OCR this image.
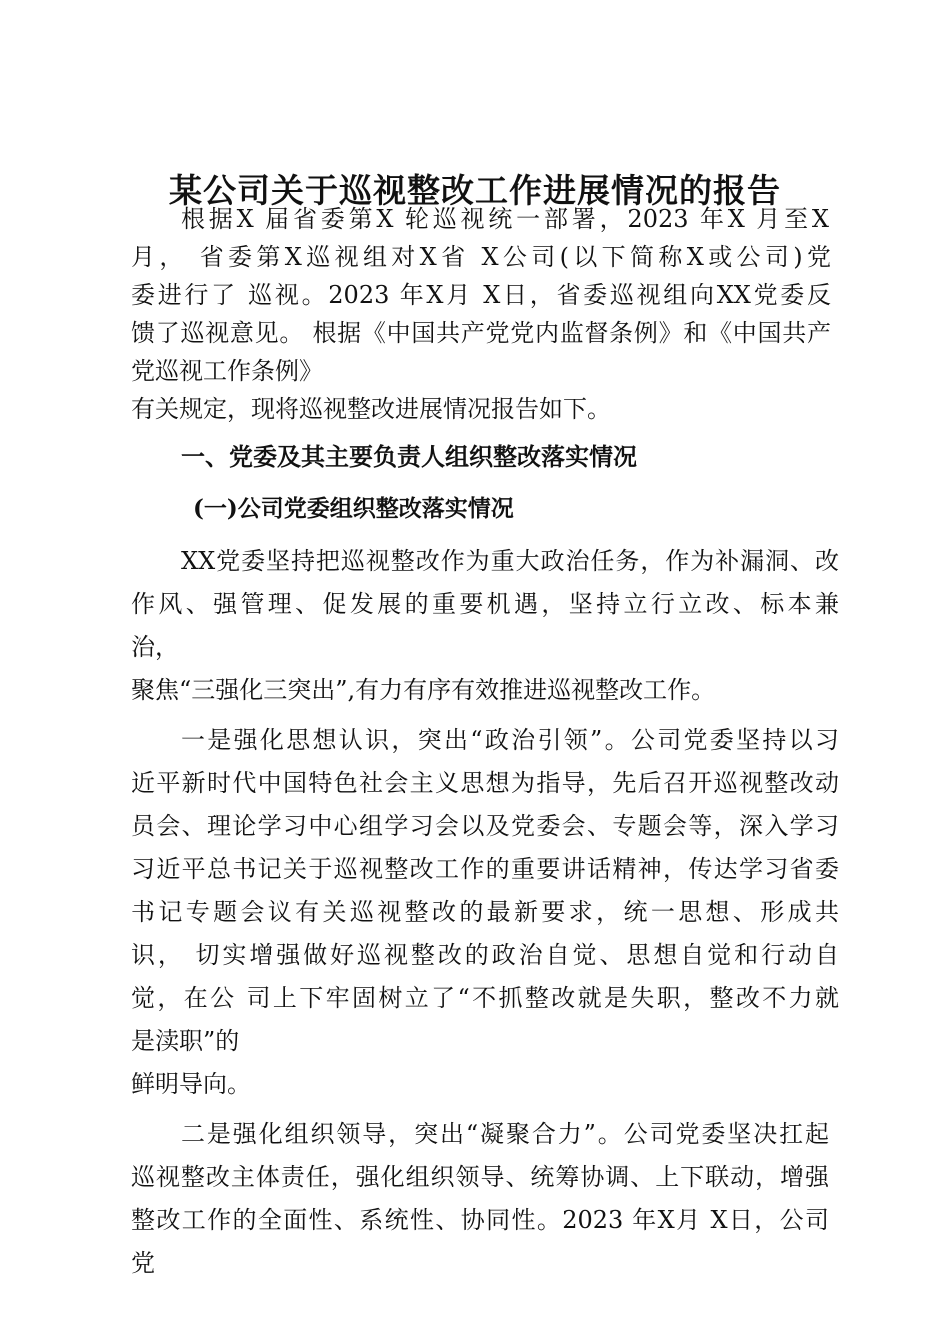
某公司关于巡视整改工作进展情况的报告

根据X 届省委第X 轮巡视统一部署，2023 年X 月至X

月， 省委第X巡视组对X省 X公司(以下简称X或公司)党

委进行了 巡视。2023 年X月 X日，省委巡视组向XX党委反

馈了巡视意见。 根据《中国共产党党内监督条例》和《中国共产

党巡视工作条例》

有关规定，现将巡视整改进展情况报告如下。

一、党委及其主要负责人组织整改落实情况

(一)公司党委组织整改落实情况

XX党委坚持把巡视整改作为重大政治任务，作为补漏洞、改

作风、强管理、促发展的重要机遇，坚持立行立改、标本兼

治，

聚焦“三强化三突出”,有力有序有效推进巡视整改工作。

一是强化思想认识，突出“政治引领”。公司党委坚持以习

近平新时代中国特色社会主义思想为指导，先后召开巡视整改动

员会、理论学习中心组学习会以及党委会、专题会等，深入学习

习近平总书记关于巡视整改工作的重要讲话精神，传达学习省委

书记专题会议有关巡视整改的最新要求，统一思想、形成共

识， 切实增强做好巡视整改的政治自觉、思想自觉和行动自

觉，在公 司上下牢固树立了“不抓整改就是失职，整改不力就

是渎职”的

鲜明导向。

二是强化组织领导，突出“凝聚合力”。公司党委坚决扛起

巡视整改主体责任，强化组织领导、统筹协调、上下联动，增强

整改工作的全面性、系统性、协同性。2023 年X月 X日，公司

党
